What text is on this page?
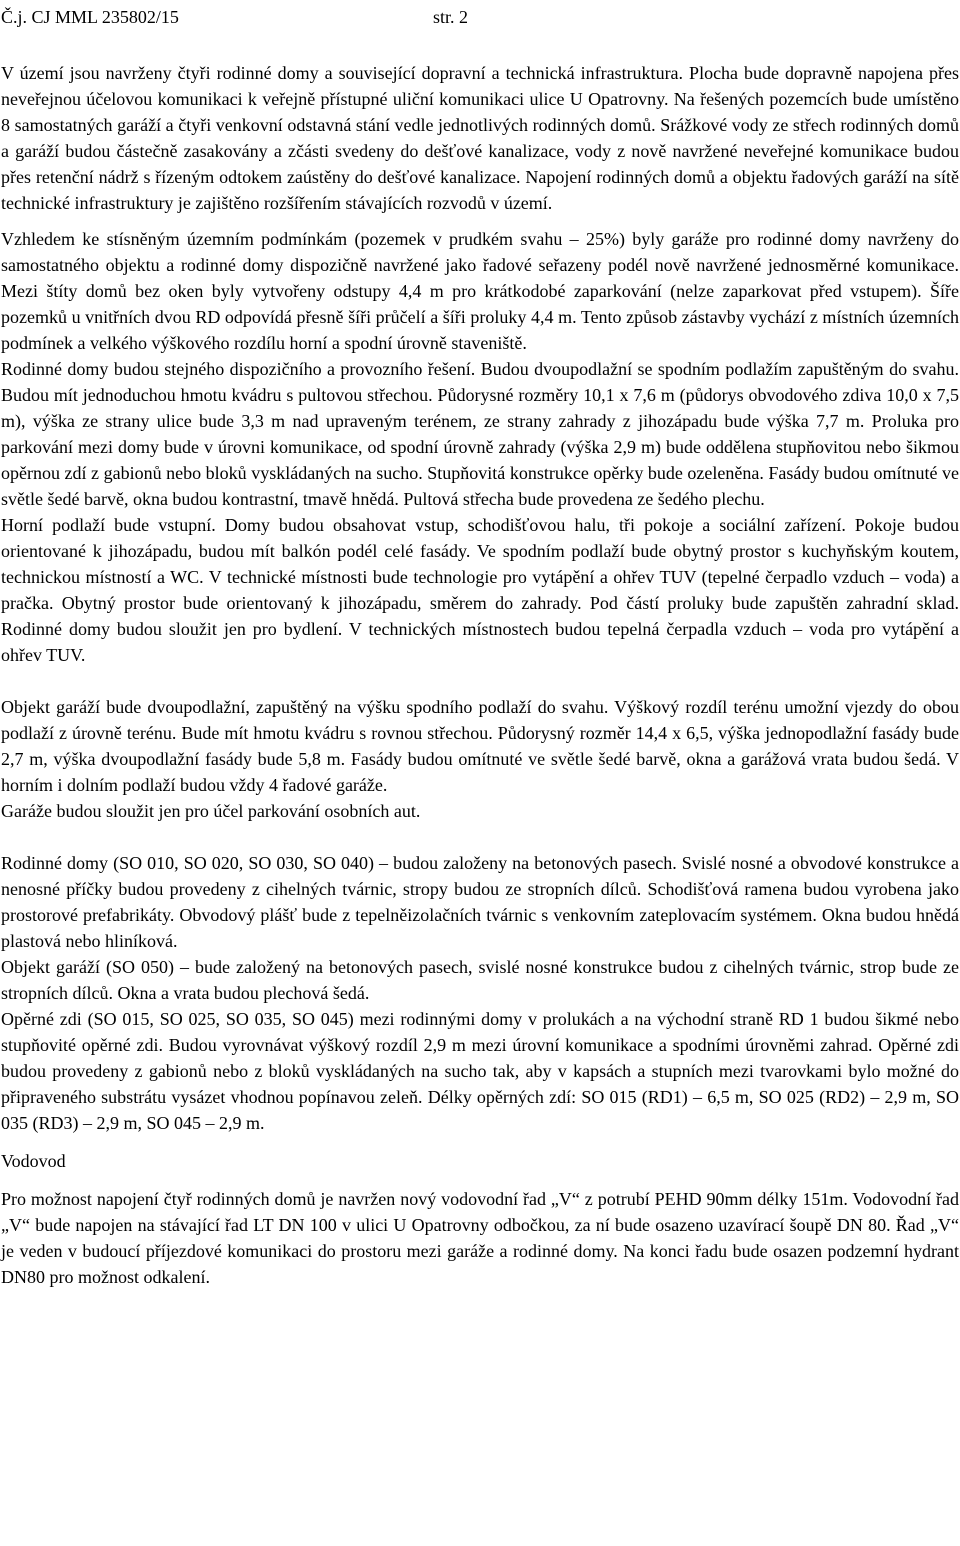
Č.j. CJ MML 235802/15	str. 2

V území jsou navrženy čtyři rodinné domy a související dopravní a technická infrastruktura. Plocha bude dopravně napojena přes neveřejnou účelovou komunikaci k veřejně přístupné uliční komunikaci ulice U Opatrovny. Na řešených pozemcích bude umístěno 8 samostatných garáží a čtyři venkovní odstavná stání vedle jednotlivých rodinných domů. Srážkové vody ze střech rodinných domů a garáží budou částečně zasakovány a zčásti svedeny do dešťové kanalizace, vody z nově navržené neveřejné komunikace budou přes retenční nádrž s řízeným odtokem zaústěny do dešťové kanalizace. Napojení rodinných domů a objektu řadových garáží na sítě technické infrastruktury je zajištěno rozšířením stávajících rozvodů v území.

Vzhledem ke stísněným územním podmínkám (pozemek v prudkém svahu – 25%) byly garáže pro rodinné domy navrženy do samostatného objektu a rodinné domy dispozičně navržené jako řadové seřazeny podél nově navržené jednosměrné komunikace. Mezi štíty domů bez oken byly vytvořeny odstupy 4,4 m pro krátkodobé zaparkování (nelze zaparkovat před vstupem). Šíře pozemků u vnitřních dvou RD odpovídá přesně šíři průčelí a šíři proluky 4,4 m. Tento způsob zástavby vychází z místních územních podmínek a velkého výškového rozdílu horní a spodní úrovně staveniště.

Rodinné domy budou stejného dispozičního a provozního řešení. Budou dvoupodlažní se spodním podlažím zapuštěným do svahu. Budou mít jednoduchou hmotu kvádru s pultovou střechou. Půdorysné rozměry 10,1 x 7,6 m (půdorys obvodového zdiva 10,0 x 7,5 m), výška ze strany ulice bude 3,3 m nad upraveným terénem, ze strany zahrady z jihozápadu bude výška 7,7 m. Proluka pro parkování mezi domy bude v úrovni komunikace, od spodní úrovně zahrady (výška 2,9 m) bude oddělena stupňovitou nebo šikmou opěrnou zdí z gabionů nebo bloků vyskládaných na sucho. Stupňovitá konstrukce opěrky bude ozeleněna. Fasády budou omítnuté ve světle šedé barvě, okna budou kontrastní, tmavě hnědá. Pultová střecha bude provedena ze šedého plechu.

Horní podlaží bude vstupní. Domy budou obsahovat vstup, schodišťovou halu, tři pokoje a sociální zařízení. Pokoje budou orientované k jihozápadu, budou mít balkón podél celé fasády. Ve spodním podlaží bude obytný prostor s kuchyňským koutem, technickou místností a WC. V technické místnosti bude technologie pro vytápění a ohřev TUV (tepelné čerpadlo vzduch – voda) a pračka. Obytný prostor bude orientovaný k jihozápadu, směrem do zahrady. Pod částí proluky bude zapuštěn zahradní sklad. Rodinné domy budou sloužit jen pro bydlení. V technických místnostech budou tepelná čerpadla vzduch – voda pro vytápění a ohřev TUV.

Objekt garáží bude dvoupodlažní, zapuštěný na výšku spodního podlaží do svahu. Výškový rozdíl terénu umožní vjezdy do obou podlaží z úrovně terénu. Bude mít hmotu kvádru s rovnou střechou. Půdorysný rozměr 14,4 x 6,5, výška jednopodlažní fasády bude 2,7 m, výška dvoupodlažní fasády bude 5,8 m. Fasády budou omítnuté ve světle šedé barvě, okna a garážová vrata budou šedá. V horním i dolním podlaží budou vždy 4 řadové garáže.

Garáže budou sloužit jen pro účel parkování osobních aut.

Rodinné domy (SO 010, SO 020, SO 030, SO 040) – budou založeny na betonových pasech. Svislé nosné a obvodové konstrukce a nenosné příčky budou provedeny z cihelných tvárnic, stropy budou ze stropních dílců. Schodišťová ramena budou vyrobena jako prostorové prefabrikáty. Obvodový plášť bude z tepelněizolačních tvárnic s venkovním zateplovacím systémem. Okna budou hnědá plastová nebo hliníková.

Objekt garáží (SO 050) – bude založený na betonových pasech, svislé nosné konstrukce budou z cihelných tvárnic, strop bude ze stropních dílců. Okna a vrata budou plechová šedá.

Opěrné zdi (SO 015, SO 025, SO 035, SO 045) mezi rodinnými domy v prolukách a na východní straně RD 1 budou šikmé nebo stupňovité opěrné zdi. Budou vyrovnávat výškový rozdíl 2,9 m mezi úrovní komunikace a spodními úrovněmi zahrad. Opěrné zdi budou provedeny z gabionů nebo z bloků vyskládaných na sucho tak, aby v kapsách a stupních mezi tvarovkami bylo možné do připraveného substrátu vysázet vhodnou popínavou zeleň. Délky opěrných zdí: SO 015 (RD1) – 6,5 m, SO 025 (RD2) – 2,9 m, SO 035 (RD3) – 2,9 m, SO 045 – 2,9 m.

Vodovod

Pro možnost napojení čtyř rodinných domů je navržen nový vodovodní řad „V“ z potrubí PEHD 90mm délky 151m. Vodovodní řad „V“ bude napojen na stávající řad LT DN 100 v ulici U Opatrovny odbočkou, za ní bude osazeno uzavírací šoupě DN 80. Řad „V“ je veden v budoucí příjezdové komunikaci do prostoru mezi garáže a rodinné domy. Na konci řadu bude osazen podzemní hydrant DN80 pro možnost odkalení.
